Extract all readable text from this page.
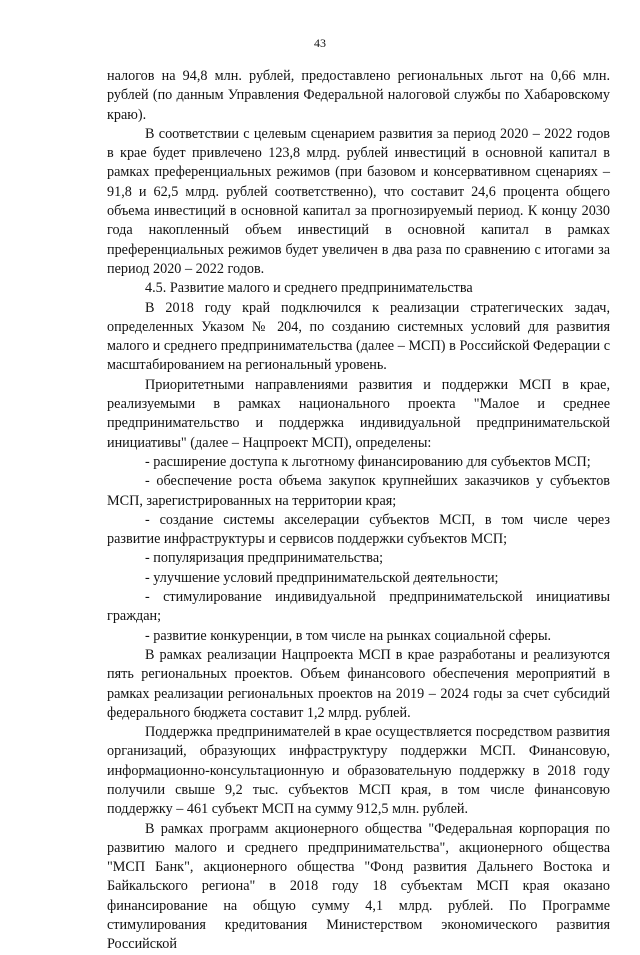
43

налогов на 94,8 млн. рублей, предоставлено региональных льгот на 0,66 млн. рублей (по данным Управления Федеральной налоговой службы по Хабаровскому краю).

В соответствии с целевым сценарием развития за период 2020 – 2022 годов в крае будет привлечено 123,8 млрд. рублей инвестиций в основной капитал в рамках преференциальных режимов (при базовом и консервативном сценариях – 91,8 и 62,5 млрд. рублей соответственно), что составит 24,6 процента общего объема инвестиций в основной капитал за прогнозируемый период. К концу 2030 года накопленный объем инвестиций в основной капитал в рамках преференциальных режимов будет увеличен в два раза по сравнению с итогами за период 2020 – 2022 годов.

4.5. Развитие малого и среднего предпринимательства

В 2018 году край подключился к реализации стратегических задач, определенных Указом № 204, по созданию системных условий для развития малого и среднего предпринимательства (далее – МСП) в Российской Федерации с масштабированием на региональный уровень.

Приоритетными направлениями развития и поддержки МСП в крае, реализуемыми в рамках национального проекта "Малое и среднее предпринимательство и поддержка индивидуальной предпринимательской инициативы" (далее – Нацпроект МСП), определены:

- расширение доступа к льготному финансированию для субъектов МСП;

- обеспечение роста объема закупок крупнейших заказчиков у субъектов МСП, зарегистрированных на территории края;

- создание системы акселерации субъектов МСП, в том числе через развитие инфраструктуры и сервисов поддержки субъектов МСП;

- популяризация предпринимательства;

- улучшение условий предпринимательской деятельности;

- стимулирование индивидуальной предпринимательской инициативы граждан;

- развитие конкуренции, в том числе на рынках социальной сферы.

В рамках реализации Нацпроекта МСП в крае разработаны и реализуются пять региональных проектов. Объем финансового обеспечения мероприятий в рамках реализации региональных проектов на 2019 – 2024 годы за счет субсидий федерального бюджета составит 1,2 млрд. рублей.

Поддержка предпринимателей в крае осуществляется посредством развития организаций, образующих инфраструктуру поддержки МСП. Финансовую, информационно-консультационную и образовательную поддержку в 2018 году получили свыше 9,2 тыс. субъектов МСП края, в том числе финансовую поддержку – 461 субъект МСП на сумму 912,5 млн. рублей.

В рамках программ акционерного общества "Федеральная корпорация по развитию малого и среднего предпринимательства", акционерного общества "МСП Банк", акционерного общества "Фонд развития Дальнего Востока и Байкальского региона" в 2018 году 18 субъектам МСП края оказано финансирование на общую сумму 4,1 млрд. рублей. По Программе стимулирования кредитования Министерством экономического развития Российской
